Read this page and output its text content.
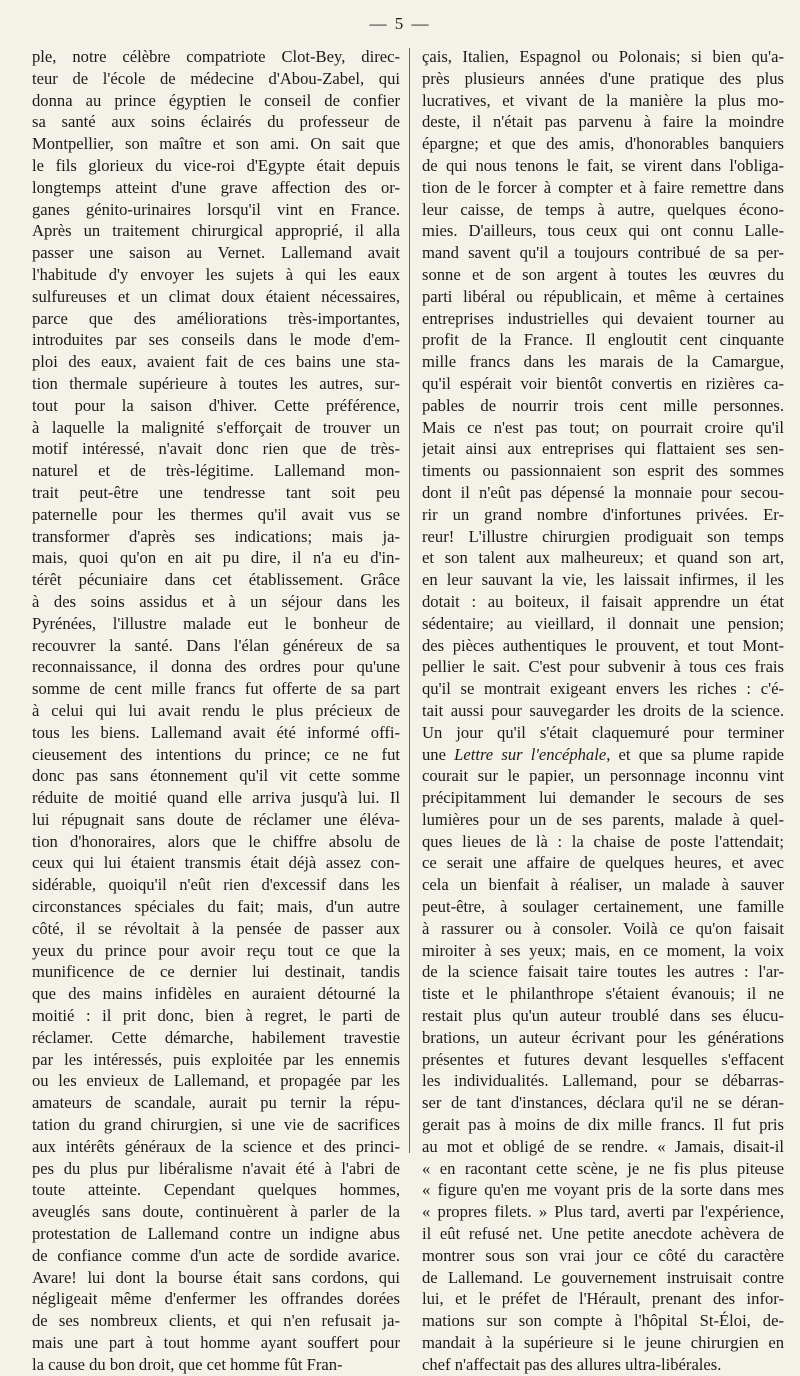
— 5 —
ple, notre célèbre compatriote Clot-Bey, direc-
teur de l'école de médecine d'Abou-Zabel, qui
donna au prince égyptien le conseil de confier
sa santé aux soins éclairés du professeur de
Montpellier, son maître et son ami. On sait que
le fils glorieux du vice-roi d'Egypte était depuis
longtemps atteint d'une grave affection des or-
ganes génito-urinaires lorsqu'il vint en France.
Après un traitement chirurgical approprié, il alla
passer une saison au Vernet. Lallemand avait
l'habitude d'y envoyer les sujets à qui les eaux
sulfureuses et un climat doux étaient nécessaires,
parce que des améliorations très-importantes,
introduites par ses conseils dans le mode d'em-
ploi des eaux, avaient fait de ces bains une sta-
tion thermale supérieure à toutes les autres, sur-
tout pour la saison d'hiver. Cette préférence,
à laquelle la malignité s'efforçait de trouver un
motif intéressé, n'avait donc rien que de très-
naturel et de très-légitime. Lallemand mon-
trait peut-être une tendresse tant soit peu
paternelle pour les thermes qu'il avait vus se
transformer d'après ses indications; mais ja-
mais, quoi qu'on en ait pu dire, il n'a eu d'in-
térêt pécuniaire dans cet établissement. Grâce
à des soins assidus et à un séjour dans les
Pyrénées, l'illustre malade eut le bonheur de
recouvrer la santé. Dans l'élan généreux de sa
reconnaissance, il donna des ordres pour qu'une
somme de cent mille francs fut offerte de sa part
à celui qui lui avait rendu le plus précieux de
tous les biens. Lallemand avait été informé offi-
cieusement des intentions du prince; ce ne fut
donc pas sans étonnement qu'il vit cette somme
réduite de moitié quand elle arriva jusqu'à lui. Il
lui répugnait sans doute de réclamer une éléva-
tion d'honoraires, alors que le chiffre absolu de
ceux qui lui étaient transmis était déjà assez con-
sidérable, quoiqu'il n'eût rien d'excessif dans les
circonstances spéciales du fait; mais, d'un autre
côté, il se révoltait à la pensée de passer aux
yeux du prince pour avoir reçu tout ce que la
munificence de ce dernier lui destinait, tandis
que des mains infidèles en auraient détourné la
moitié : il prit donc, bien à regret, le parti de
réclamer. Cette démarche, habilement travestie
par les intéressés, puis exploitée par les ennemis
ou les envieux de Lallemand, et propagée par les
amateurs de scandale, aurait pu ternir la répu-
tation du grand chirurgien, si une vie de sacrifices
aux intérêts généraux de la science et des princi-
pes du plus pur libéralisme n'avait été à l'abri de
toute atteinte. Cependant quelques hommes,
aveuglés sans doute, continuèrent à parler de la
protestation de Lallemand contre un indigne abus
de confiance comme d'un acte de sordide avarice.
Avare! lui dont la bourse était sans cordons, qui
négligeait même d'enfermer les offrandes dorées
de ses nombreux clients, et qui n'en refusait ja-
mais une part à tout homme ayant souffert pour
la cause du bon droit, que cet homme fût Fran-
çais, Italien, Espagnol ou Polonais; si bien qu'a-
près plusieurs années d'une pratique des plus
lucratives, et vivant de la manière la plus mo-
deste, il n'était pas parvenu à faire la moindre
épargne; et que des amis, d'honorables banquiers
de qui nous tenons le fait, se virent dans l'obliga-
tion de le forcer à compter et à faire remettre dans
leur caisse, de temps à autre, quelques écono-
mies. D'ailleurs, tous ceux qui ont connu Lalle-
mand savent qu'il a toujours contribué de sa per-
sonne et de son argent à toutes les œuvres du
parti libéral ou républicain, et même à certaines
entreprises industrielles qui devaient tourner au
profit de la France. Il engloutit cent cinquante
mille francs dans les marais de la Camargue,
qu'il espérait voir bientôt convertis en rizières ca-
pables de nourrir trois cent mille personnes.
Mais ce n'est pas tout; on pourrait croire qu'il
jetait ainsi aux entreprises qui flattaient ses sen-
timents ou passionnaient son esprit des sommes
dont il n'eût pas dépensé la monnaie pour secou-
rir un grand nombre d'infortunes privées. Er-
reur! L'illustre chirurgien prodiguait son temps
et son talent aux malheureux; et quand son art,
en leur sauvant la vie, les laissait infirmes, il les
dotait : au boiteux, il faisait apprendre un état
sédentaire; au vieillard, il donnait une pension;
des pièces authentiques le prouvent, et tout Mont-
pellier le sait. C'est pour subvenir à tous ces frais
qu'il se montrait exigeant envers les riches : c'é-
tait aussi pour sauvegarder les droits de la science.
Un jour qu'il s'était claquemuré pour terminer
une Lettre sur l'encéphale, et que sa plume rapide
courait sur le papier, un personnage inconnu vint
précipitamment lui demander le secours de ses
lumières pour un de ses parents, malade à quel-
ques lieues de là : la chaise de poste l'attendait;
ce serait une affaire de quelques heures, et avec
cela un bienfait à réaliser, un malade à sauver
peut-être, à soulager certainement, une famille
à rassurer ou à consoler. Voilà ce qu'on faisait
miroiter à ses yeux; mais, en ce moment, la voix
de la science faisait taire toutes les autres : l'ar-
tiste et le philanthrope s'étaient évanouis; il ne
restait plus qu'un auteur troublé dans ses élucu-
brations, un auteur écrivant pour les générations
présentes et futures devant lesquelles s'effacent
les individualités. Lallemand, pour se débarras-
ser de tant d'instances, déclara qu'il ne se déran-
gerait pas à moins de dix mille francs. Il fut pris
au mot et obligé de se rendre. « Jamais, disait-il
« en racontant cette scène, je ne fis plus piteuse
« figure qu'en me voyant pris de la sorte dans mes
« propres filets. » Plus tard, averti par l'expérience,
il eût refusé net. Une petite anecdote achèvera de
montrer sous son vrai jour ce côté du caractère
de Lallemand. Le gouvernement instruisait contre
lui, et le préfet de l'Hérault, prenant des infor-
mations sur son compte à l'hôpital St-Éloi, de-
mandait à la supérieure si le jeune chirurgien en
chef n'affectait pas des allures ultra-libérales.
